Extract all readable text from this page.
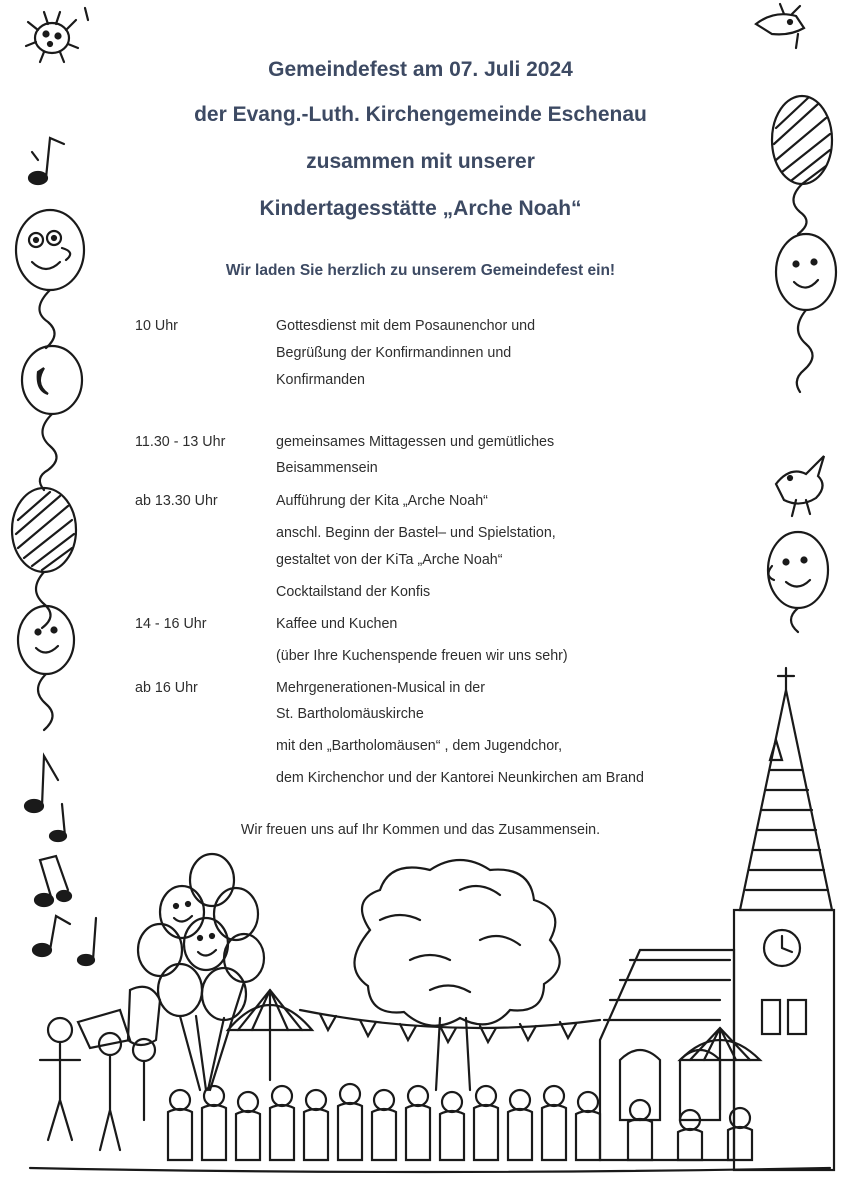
Gemeindefest am 07. Juli 2024
der Evang.-Luth. Kirchengemeinde Eschenau
zusammen mit unserer
Kindertagesstätte „Arche Noah“
Wir laden Sie herzlich zu unserem Gemeindefest ein!
10 Uhr	Gottesdienst mit dem Posaunenchor und
Begrüßung der Konfirmandinnen und
Konfirmanden
11.30 - 13 Uhr	gemeinsames Mittagessen und gemütliches
Beisammensein
ab 13.30 Uhr	Aufführung der Kita „Arche Noah“
anschl. Beginn der Bastel– und Spielstation,
gestaltet von der KiTa „Arche Noah“
Cocktailstand der Konfis
14 - 16 Uhr	Kaffee und Kuchen
(über Ihre Kuchenspende freuen wir uns sehr)
ab 16 Uhr	Mehrgenerationen-Musical in der
St. Bartholomäuskirche
mit den „Bartholomäusen“ , dem Jugendchor,
dem Kirchenchor und der Kantorei Neunkirchen am Brand
Wir freuen uns auf Ihr Kommen und das Zusammensein.
